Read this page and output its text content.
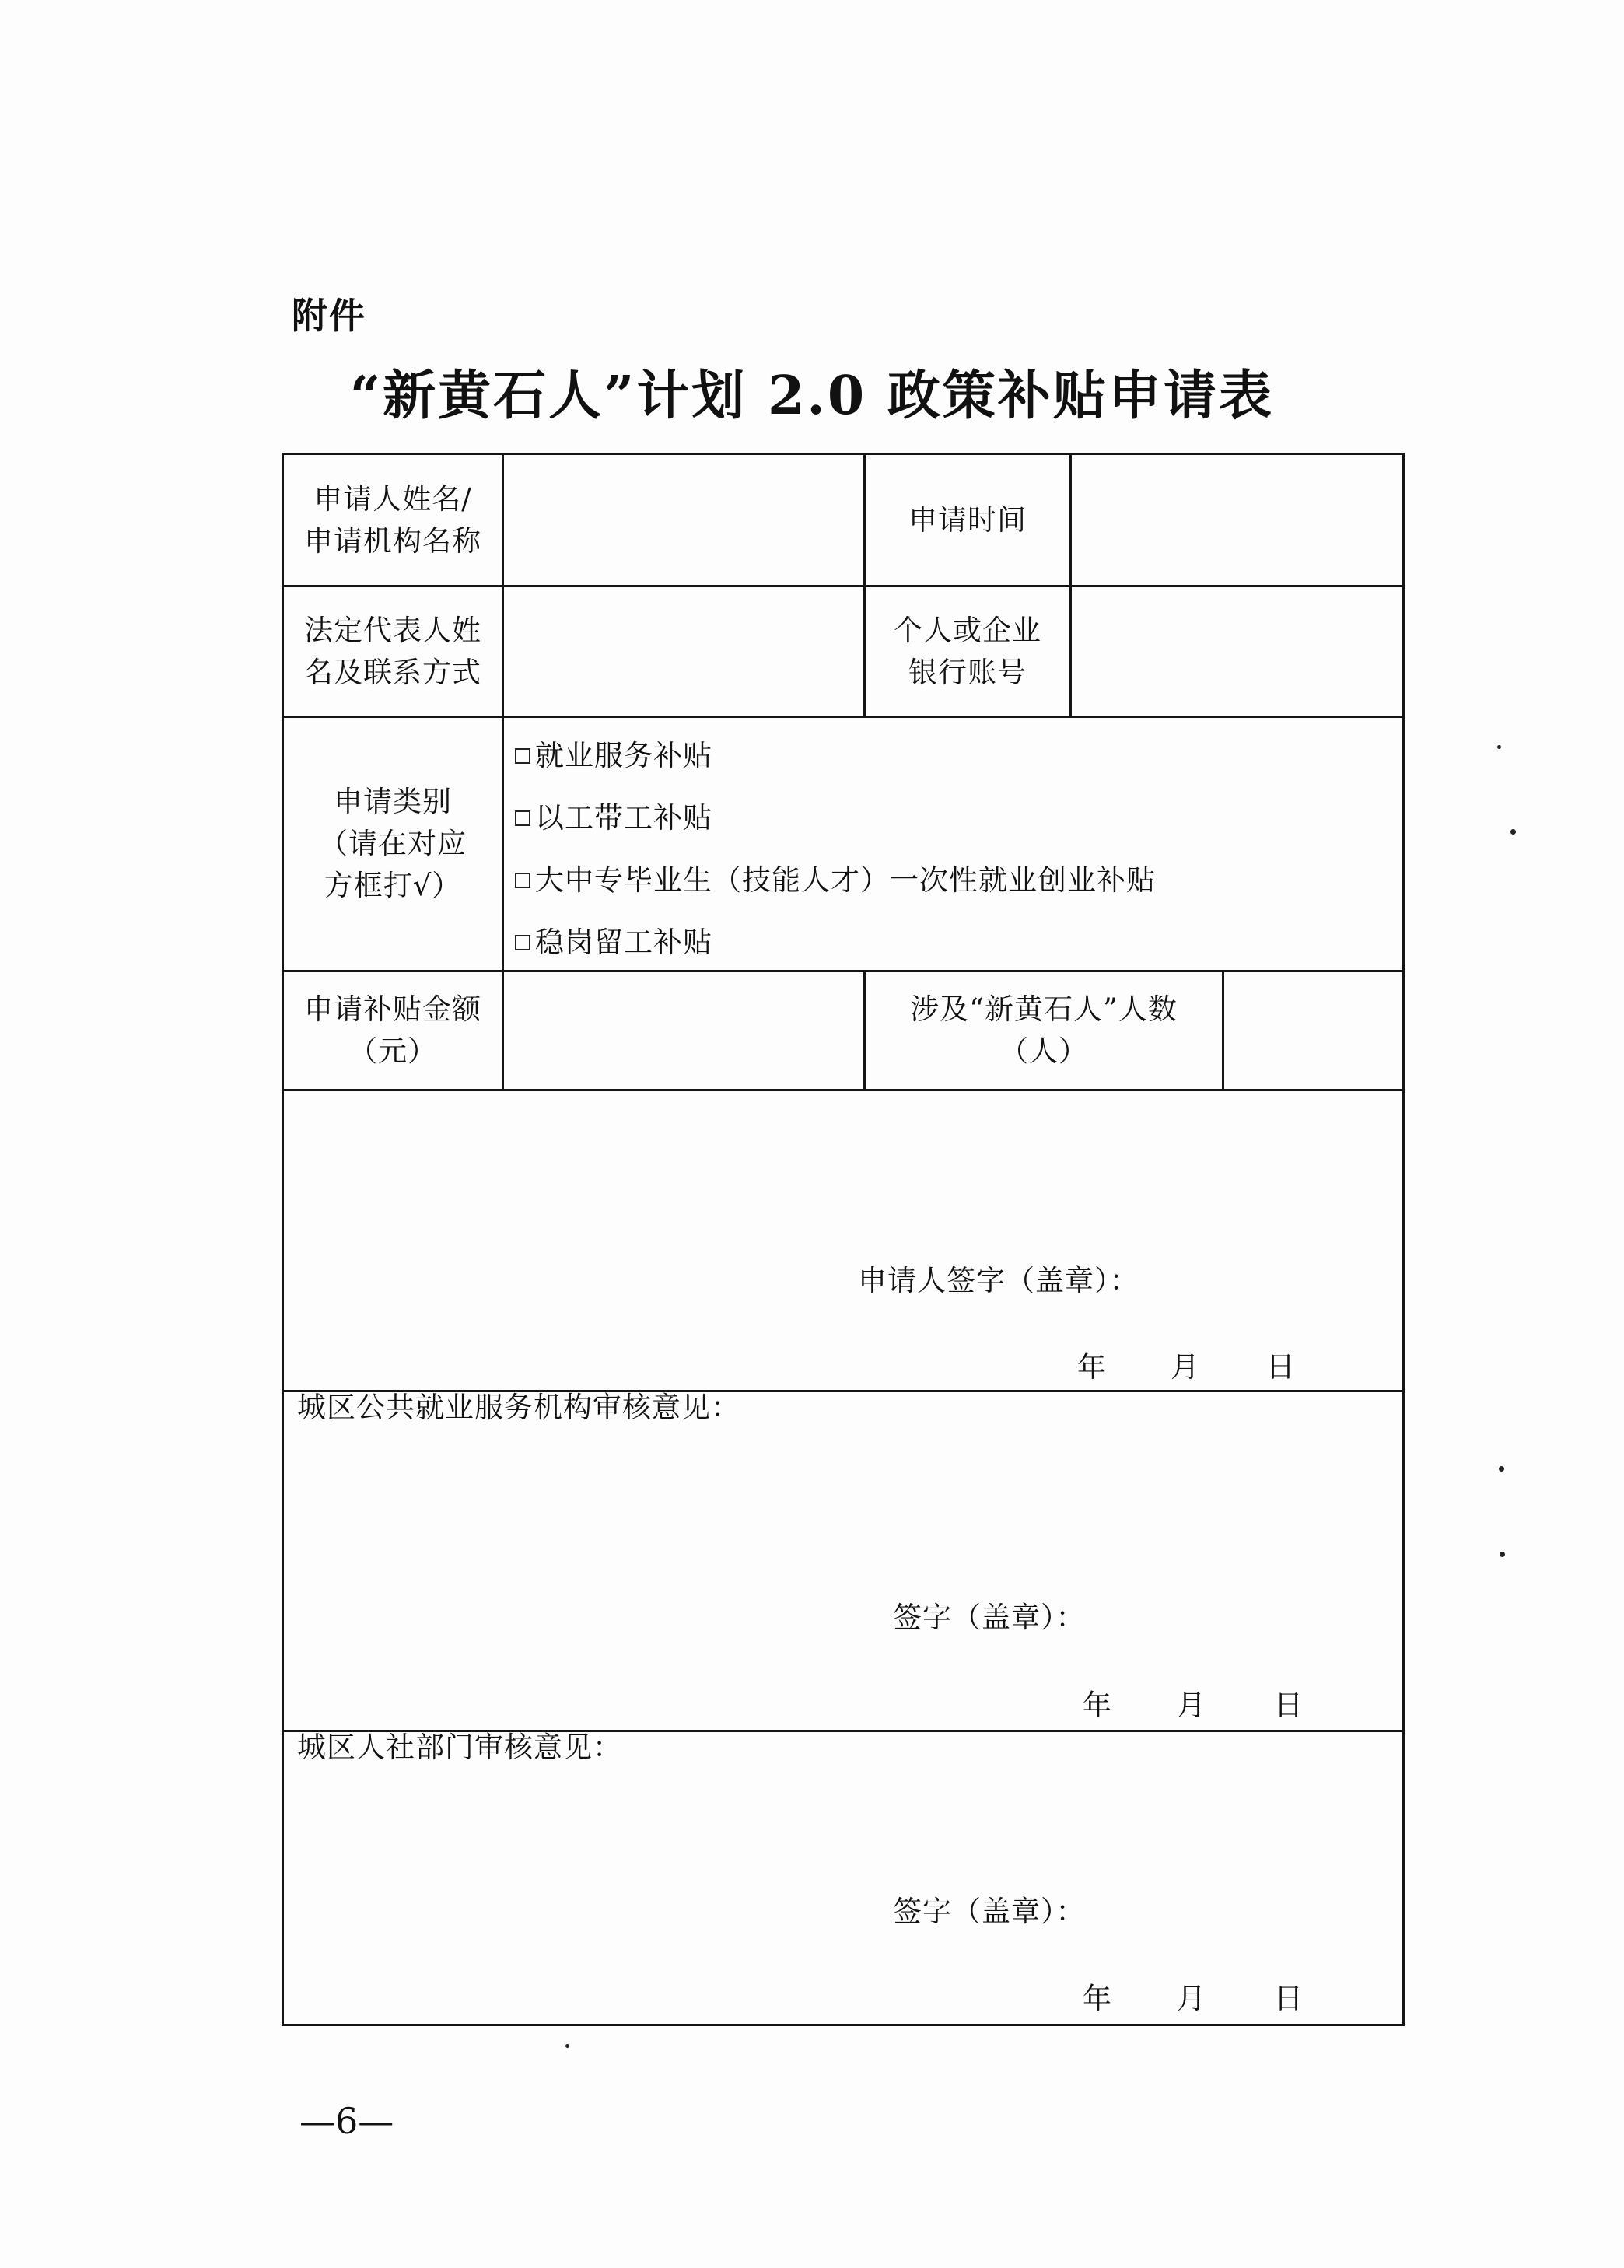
附件
“新黄石人”计划 2.0 政策补贴申请表
申请人姓名/
申请机构名称
申请时间
法定代表人姓
名及联系方式
个人或企业
银行账号
申请类别
（请在对应
方框打√）
就业服务补贴
以工带工补贴
大中专毕业生（技能人才）一次性就业创业补贴
稳岗留工补贴
申请补贴金额
（元）
涉及“新黄石人”人数
（人）
申请人签字（盖章）：
年 月 日
城区公共就业服务机构审核意见：
签字（盖章）：
年 月 日
城区人社部门审核意见：
签字（盖章）：
年 月 日
—6—
